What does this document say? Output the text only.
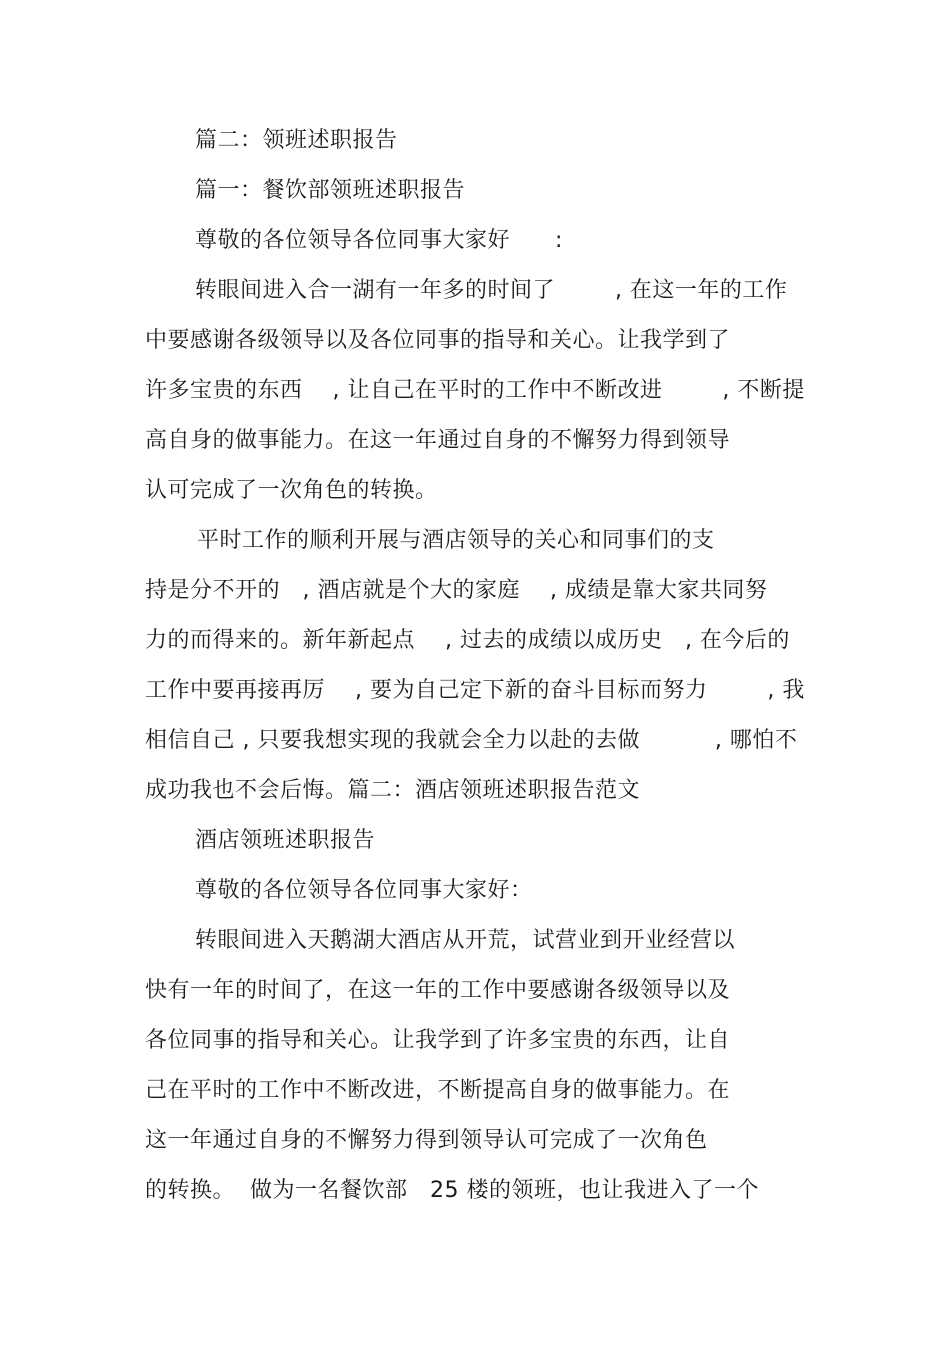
篇二：领班述职报告
篇一：餐饮部领班述职报告
尊敬的各位领导各位同事大家好      :
转眼间进入合一湖有一年多的时间了        , 在这一年的工作
中要感谢各级领导以及各位同事的指导和关心。让我学到了
许多宝贵的东西    , 让自己在平时的工作中不断改进        , 不断提
高自身的做事能力。在这一年通过自身的不懈努力得到领导
认可完成了一次角色的转换。
平时工作的顺利开展与酒店领导的关心和同事们的支
持是分不开的   , 酒店就是个大的家庭    , 成绩是靠大家共同努
力的而得来的。新年新起点    , 过去的成绩以成历史   , 在今后的
工作中要再接再厉    , 要为自己定下新的奋斗目标而努力        , 我
相信自己 , 只要我想实现的我就会全力以赴的去做          , 哪怕不
成功我也不会后悔。篇二：酒店领班述职报告范文
酒店领班述职报告
尊敬的各位领导各位同事大家好：
转眼间进入天鹅湖大酒店从开荒，试营业到开业经营以
快有一年的时间了，在这一年的工作中要感谢各级领导以及
各位同事的指导和关心。让我学到了许多宝贵的东西，让自
己在平时的工作中不断改进，不断提高自身的做事能力。在
这一年通过自身的不懈努力得到领导认可完成了一次角色
的转换。  做为一名餐饮部   25 楼的领班，也让我进入了一个
